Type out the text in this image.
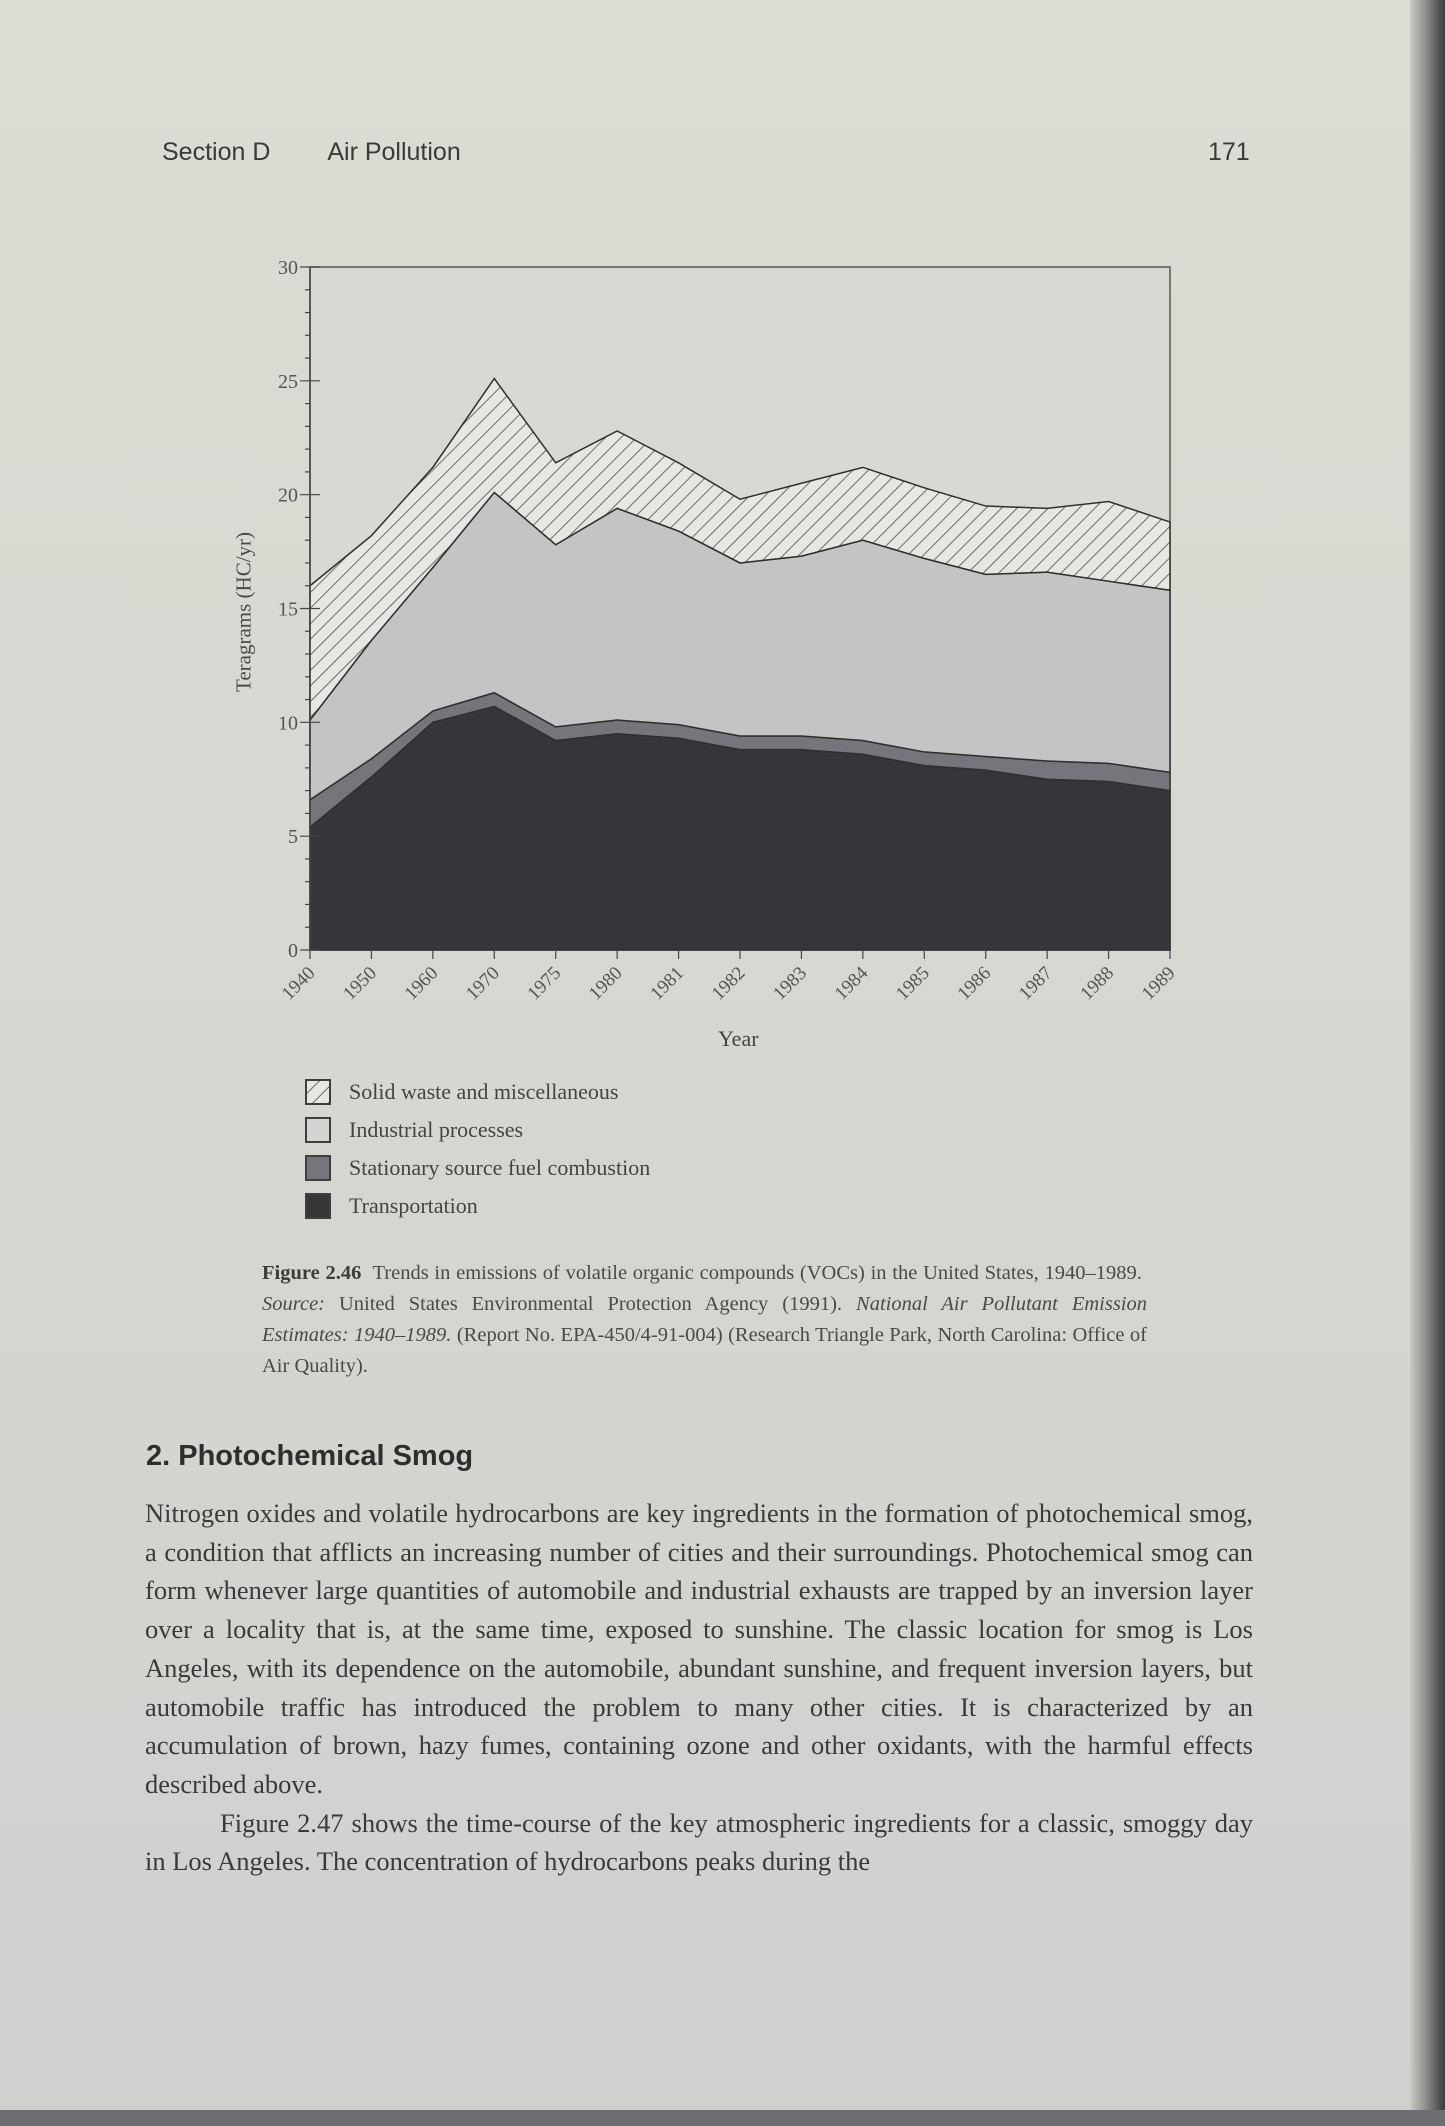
Section D Air Pollution	171
Teragrams (HC/yr)
0
5
10
15
20
25
30
1940 1950 1960 1970 1975 1980 1981 1982 1983 1984 1985 1986 1987 1988 1989
Year
Solid waste and miscellaneous
Industrial processes
Stationary source fuel combustion
Transportation
Figure 2.46 Trends in emissions of volatile organic compounds (VOCs) in the United States, 1940–1989.  Source: United States Environmental Protection Agency (1991). National Air Pollutant Emission Estimates: 1940–1989. (Report No. EPA-450/4-91-004) (Research Triangle Park, North Carolina: Office of Air Quality).
2. Photochemical Smog

Nitrogen oxides and volatile hydrocarbons are key ingredients in the formation of photochemical smog, a condition that afflicts an increasing number of cities and their surroundings. Photochemical smog can form whenever large quantities of automobile and industrial exhausts are trapped by an inversion layer over a locality that is, at the same time, exposed to sunshine. The classic location for smog is Los Angeles, with its dependence on the automobile, abundant sunshine, and frequent inversion layers, but automobile traffic has introduced the problem to many other cities. It is characterized by an accumulation of brown, hazy fumes, containing ozone and other oxidants, with the harmful effects described above.

Figure 2.47 shows the time-course of the key atmospheric ingredients for a classic, smoggy day in Los Angeles. The concentration of hydrocarbons peaks during the
